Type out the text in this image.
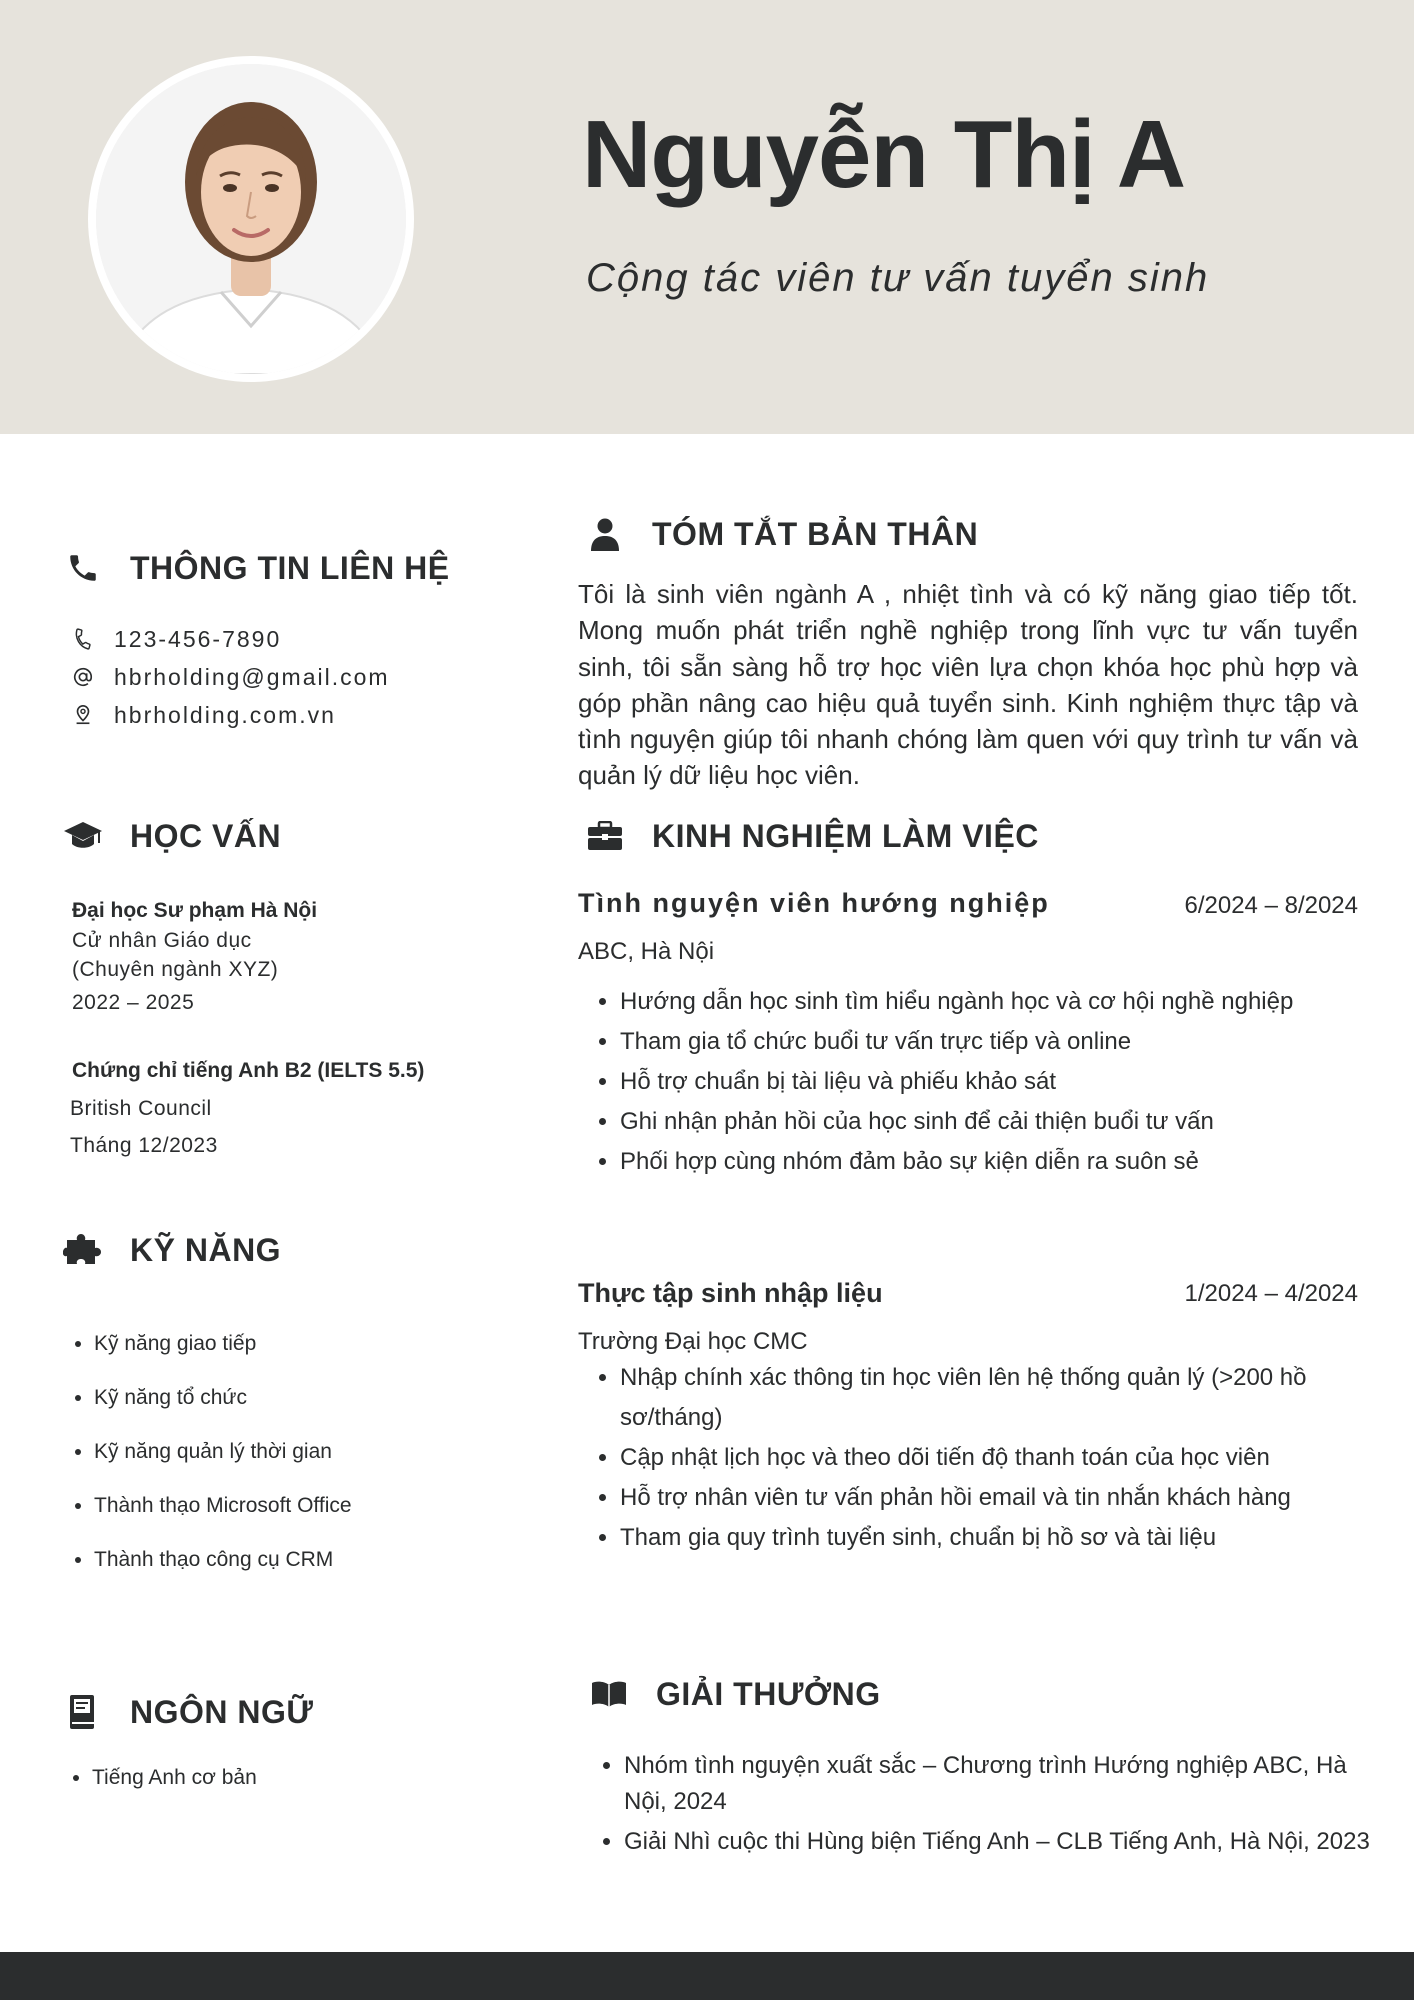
Nguyễn Thị A

Cộng tác viên tư vấn tuyển sinh

THÔNG TIN LIÊN HỆ
123-456-7890
hbrholding@gmail.com
hbrholding.com.vn
HỌC VẤN
Đại học Sư phạm Hà Nội
Cử nhân Giáo dục
(Chuyên ngành XYZ)
2022 – 2025
Chứng chỉ tiếng Anh B2 (IELTS 5.5)
British Council
Tháng 12/2023
KỸ NĂNG
• Kỹ năng giao tiếp
• Kỹ năng tổ chức
• Kỹ năng quản lý thời gian
• Thành thạo Microsoft Office
• Thành thạo công cụ CRM
NGÔN NGỮ
• Tiếng Anh cơ bản
TÓM TẮT BẢN THÂN

Tôi là sinh viên ngành A , nhiệt tình và có kỹ năng giao tiếp tốt. Mong muốn phát triển nghề nghiệp trong lĩnh vực tư vấn tuyển sinh, tôi sẵn sàng hỗ trợ học viên lựa chọn khóa học phù hợp và góp phần nâng cao hiệu quả tuyển sinh. Kinh nghiệm thực tập và tình nguyện giúp tôi nhanh chóng làm quen với quy trình tư vấn và quản lý dữ liệu học viên.

KINH NGHIỆM LÀM VIỆC
Tình nguyện viên hướng nghiệp	6/2024 – 8/2024
ABC, Hà Nội
• Hướng dẫn học sinh tìm hiểu ngành học và cơ hội nghề nghiệp
• Tham gia tổ chức buổi tư vấn trực tiếp và online
• Hỗ trợ chuẩn bị tài liệu và phiếu khảo sát
• Ghi nhận phản hồi của học sinh để cải thiện buổi tư vấn
• Phối hợp cùng nhóm đảm bảo sự kiện diễn ra suôn sẻ
Thực tập sinh nhập liệu	1/2024 – 4/2024
Trường Đại học CMC
• Nhập chính xác thông tin học viên lên hệ thống quản lý (>200 hồ sơ/tháng)
• Cập nhật lịch học và theo dõi tiến độ thanh toán của học viên
• Hỗ trợ nhân viên tư vấn phản hồi email và tin nhắn khách hàng
• Tham gia quy trình tuyển sinh, chuẩn bị hồ sơ và tài liệu
GIẢI THƯỞNG
• Nhóm tình nguyện xuất sắc – Chương trình Hướng nghiệp ABC, Hà Nội, 2024
• Giải Nhì cuộc thi Hùng biện Tiếng Anh – CLB Tiếng Anh, Hà Nội, 2023
